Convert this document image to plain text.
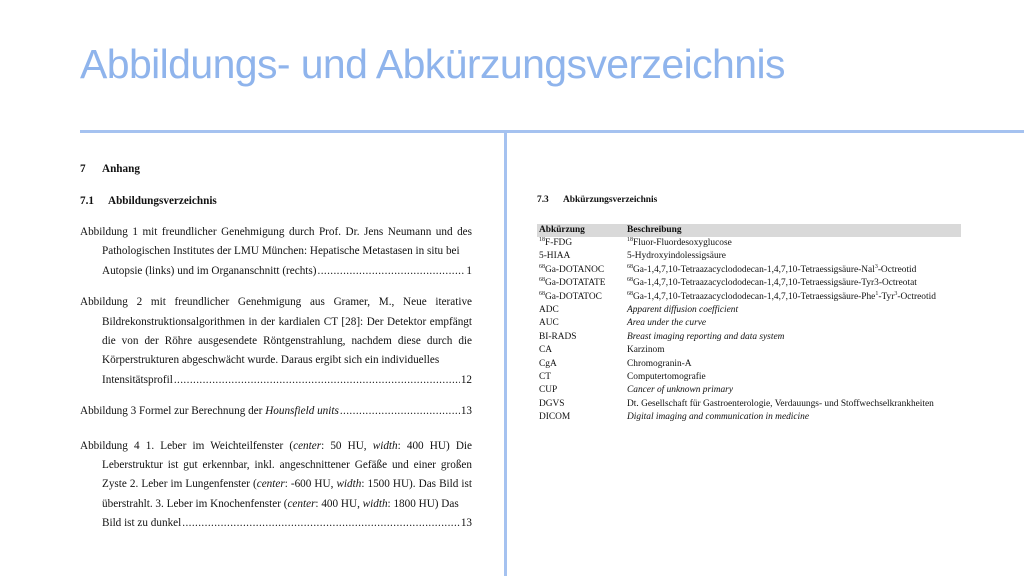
Abbildungs- und Abkürzungsverzeichnis
7	Anhang
7.1	Abbildungsverzeichnis
Abbildung 1 mit freundlicher Genehmigung durch Prof. Dr. Jens Neumann und des Pathologischen Institutes der LMU München: Hepatische Metastasen in situ bei
Autopsie (links) und im Organanschnitt (rechts) .....	1
Abbildung 2 mit freundlicher Genehmigung aus Gramer, M., Neue iterative Bildrekonstruktionsalgorithmen in der kardialen CT [28]: Der Detektor empfängt die von der Röhre ausgesendete Röntgenstrahlung, nachdem diese durch die Körperstrukturen abgeschwächt wurde. Daraus ergibt sich ein individuelles
Intensitätsprofil .....	12
Abbildung 3 Formel zur Berechnung der Hounsfield units .....	13
Abbildung 4 1. Leber im Weichteilfenster (center: 50 HU, width: 400 HU) Die Leberstruktur ist gut erkennbar, inkl. angeschnittener Gefäße und einer großen Zyste 2. Leber im Lungenfenster (center: -600 HU, width: 1500 HU). Das Bild ist überstrahlt. 3. Leber im Knochenfenster (center: 400 HU, width: 1800 HU) Das
Bild ist zu dunkel .....	13
7.3	Abkürzungsverzeichnis
Abkürzung	Beschreibung
$^{18}$F-FDG	$^{18}$Fluor-Fluordesoxyglucose
5-HIAA	5-Hydroxyindolessigsäure
$^{68}$Ga-DOTANOC	$^{68}$Ga-1,4,7,10-Tetraazacyclododecan-1,4,7,10-Tetraessigsäure-Nal$^3$-Octreotid
$^{68}$Ga-DOTATATE	$^{68}$Ga-1,4,7,10-Tetraazacyclododecan-1,4,7,10-Tetraessigsäure-Tyr3-Octreotat
$^{68}$Ga-DOTATOC	$^{68}$Ga-1,4,7,10-Tetraazacyclododecan-1,4,7,10-Tetraessigsäure-Phe$^1$-Tyr$^3$-Octreotid
ADC	Apparent diffusion coefficient
AUC	Area under the curve
BI-RADS	Breast imaging reporting and data system
CA	Karzinom
CgA	Chromogranin-A
CT	Computertomografie
CUP	Cancer of unknown primary
DGVS	Dt. Gesellschaft für Gastroenterologie, Verdauungs- und Stoffwechselkrankheiten
DICOM	Digital imaging and communication in medicine
